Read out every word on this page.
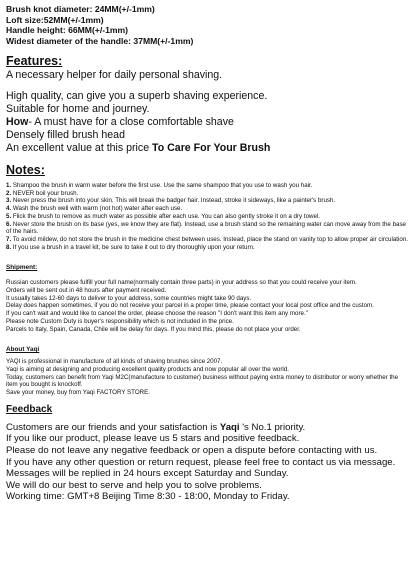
Brush knot diameter: 24MM(+/-1mm)
Loft size:52MM(+/-1mm)
Handle height: 66MM(+/-1mm)
Widest diameter of the handle: 37MM(+/-1mm)
Features:

A necessary helper for daily personal shaving.

High quality, can give you a superb shaving experience.

Suitable for home and journey.

How- A must have for a close comfortable shave

Densely filled brush head

An excellent value at this price To Care For Your Brush

Notes:
1. Shampoo the brush in warm water before the first use. Use the same shampoo that you use to wash you hair.
2. NEVER boil your brush.
3. Never press the brush into your skin. This will break the badger hair. Instead, stroke it sideways, like a painter's brush.
4. Wash the brush well with warm (not hot) water after each use.
5. Flick the brush to remove as much water as possible after each use. You can also gently stroke it on a dry towel.
6. Never store the brush on its base (yes, we know they are flat). Instead, use a brush stand so the remaining water can move away from the base of the hairs.
7. To avoid mildew, do not store the brush in the medicine chest between uses. Instead, place the stand on vanity top to allow proper air circulation.
8. If you use a brush in a travel kit, be sure to take it out to dry thoroughly upon your return.
Shipment:
Russian customers please fulfill your full name(normally contain three parts) in your address so that you could receive your item.
Orders will be sent out in 48 hours after payment received.
It usually takes 12-60 days to deliver to your address, some countries might take 90 days.
Delay does happen sometimes, if you do not receive your parcel in a proper time, please contact your local post office and the custom.
If you can't wait and would like to cancel the order, please choose the reason "I don't want this item any more."
Please note Custom Duty is buyer's responsibility which is not included in the price.
Parcels to Italy, Spain, Canada, Chile will be delay for days. If you mind this, please do not place your order.
About Yaqi
YAQI is professional in manufacture of all kinds of shaving brushes since 2007.
Yaqi is aiming at designing and producing excellent quality products and now popular all over the world.
Today, customers can benefit from Yaqi M2C(manufacture to customer) business without paying extra money to distributor or worry whether the item you bought is knockoff.
Save your money, buy from Yaqi FACTORY STORE.
Feedback
Customers are our friends and your satisfaction is Yaqi 's No.1 priority.
If you like our product, please leave us 5 stars and positive feedback.
Please do not leave any negative feedback or open a dispute before contacting with us.
If you have any other question or return request, please feel free to contact us via message.
Messages will be replied in 24 hours except Saturday and Sunday.
We will do our best to serve and help you to solve problems.
Working time: GMT+8 Beijing Time 8:30 - 18:00, Monday to Friday.
